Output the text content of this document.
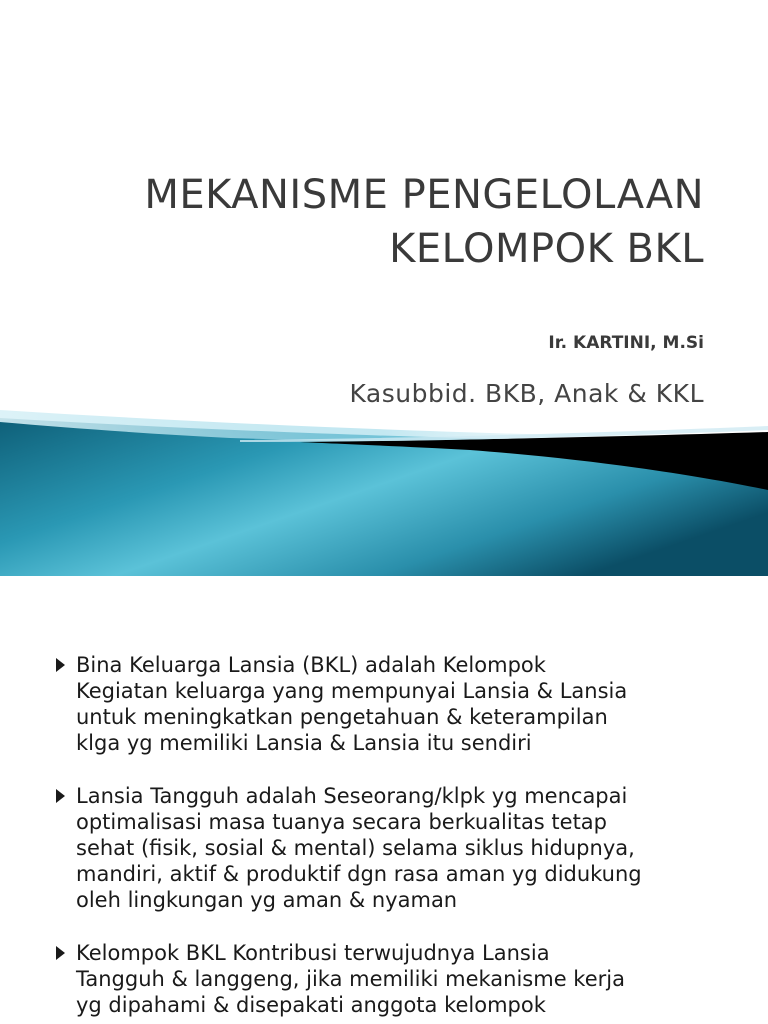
MEKANISME PENGELOLAAN
KELOMPOK BKL
Ir. KARTINI, M.Si
Kasubbid. BKB, Anak & KKL
Bina Keluarga Lansia (BKL) adalah Kelompok
Kegiatan keluarga yang mempunyai Lansia & Lansia
untuk meningkatkan pengetahuan & keterampilan
klga yg memiliki Lansia & Lansia itu sendiri
Lansia Tangguh adalah Seseorang/klpk yg mencapai
optimalisasi masa tuanya secara berkualitas tetap
sehat (fisik, sosial & mental) selama siklus hidupnya,
mandiri, aktif & produktif dgn rasa aman yg didukung
oleh lingkungan yg aman & nyaman
Kelompok BKL Kontribusi terwujudnya Lansia
Tangguh & langgeng, jika memiliki mekanisme kerja
yg dipahami & disepakati anggota kelompok
